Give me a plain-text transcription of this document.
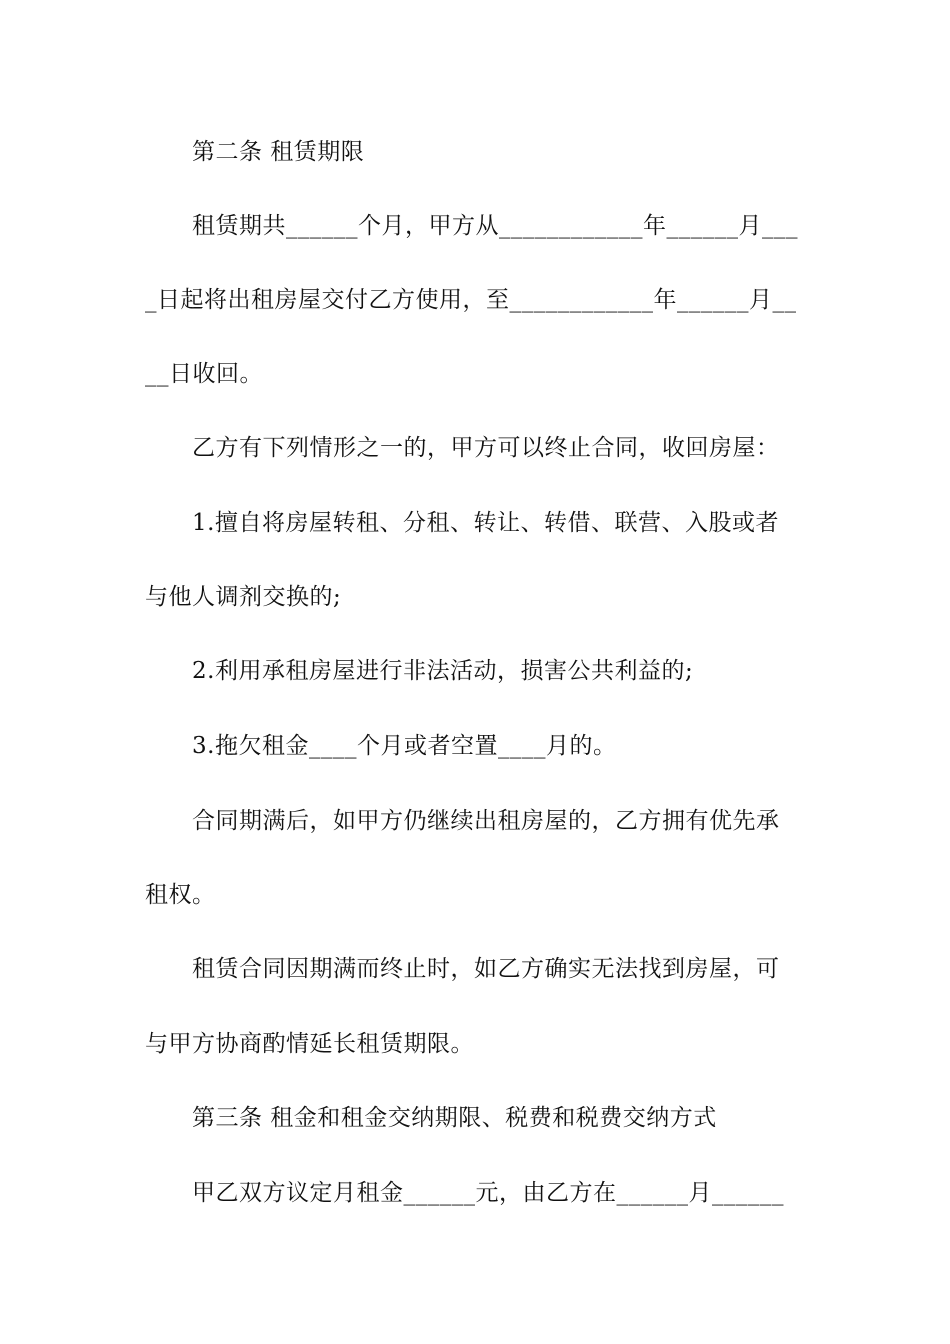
第二条 租赁期限
租赁期共______个月，甲方从____________年______月___
_日起将出租房屋交付乙方使用，至____________年______月__
__日收回。
乙方有下列情形之一的，甲方可以终止合同，收回房屋：
1.擅自将房屋转租、分租、转让、转借、联营、入股或者
与他人调剂交换的;
2.利用承租房屋进行非法活动，损害公共利益的;
3.拖欠租金____个月或者空置____月的。
合同期满后，如甲方仍继续出租房屋的，乙方拥有优先承
租权。
租赁合同因期满而终止时，如乙方确实无法找到房屋，可
与甲方协商酌情延长租赁期限。
第三条 租金和租金交纳期限、税费和税费交纳方式
甲乙双方议定月租金______元，由乙方在______月______
